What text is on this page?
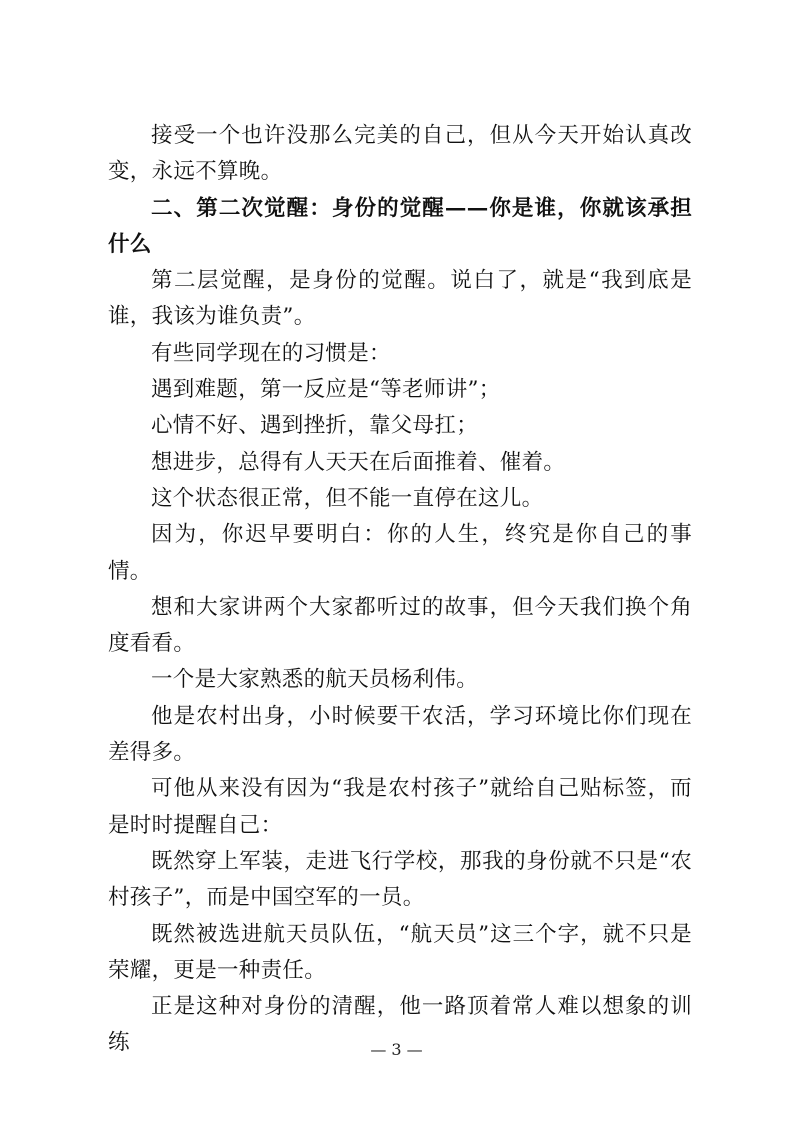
接受一个也许没那么完美的自己，但从今天开始认真改变，永远不算晚。

二、第二次觉醒：身份的觉醒——你是谁，你就该承担什么

第二层觉醒，是身份的觉醒。说白了，就是“我到底是谁，我该为谁负责”。

有些同学现在的习惯是：

遇到难题，第一反应是“等老师讲”；

心情不好、遇到挫折，靠父母扛；

想进步，总得有人天天在后面推着、催着。

这个状态很正常，但不能一直停在这儿。

因为，你迟早要明白：你的人生，终究是你自己的事情。

想和大家讲两个大家都听过的故事，但今天我们换个角度看看。

一个是大家熟悉的航天员杨利伟。

他是农村出身，小时候要干农活，学习环境比你们现在差得多。

可他从来没有因为“我是农村孩子”就给自己贴标签，而是时时提醒自己：

既然穿上军装，走进飞行学校，那我的身份就不只是“农村孩子”，而是中国空军的一员。

既然被选进航天员队伍，“航天员”这三个字，就不只是荣耀，更是一种责任。

正是这种对身份的清醒，他一路顶着常人难以想象的训练	— 3 —
